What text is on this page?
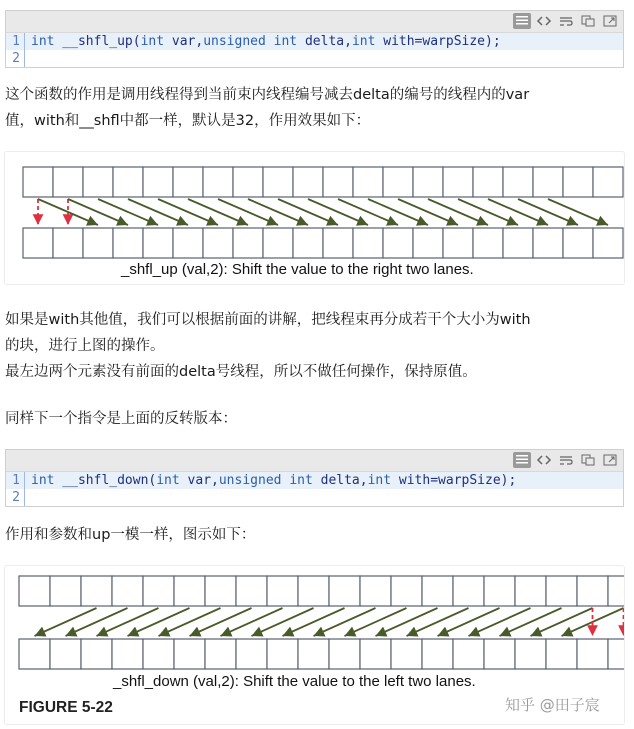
1 int __shfl_up(int var,unsigned int delta,int with=warpSize);
2
这个函数的作用是调用线程得到当前束内线程编号减去delta的编号的线程内的var
值，with和__shfl中都一样，默认是32，作用效果如下：
_shfl_up (val,2): Shift the value to the right two lanes.
如果是with其他值，我们可以根据前面的讲解，把线程束再分成若干个大小为with
的块，进行上图的操作。
最左边两个元素没有前面的delta号线程，所以不做任何操作，保持原值。
同样下一个指令是上面的反转版本：
1 int __shfl_down(int var,unsigned int delta,int with=warpSize);
2
作用和参数和up一模一样，图示如下：
_shfl_down (val,2): Shift the value to the left two lanes.
FIGURE 5-22	知乎 @田子宸
